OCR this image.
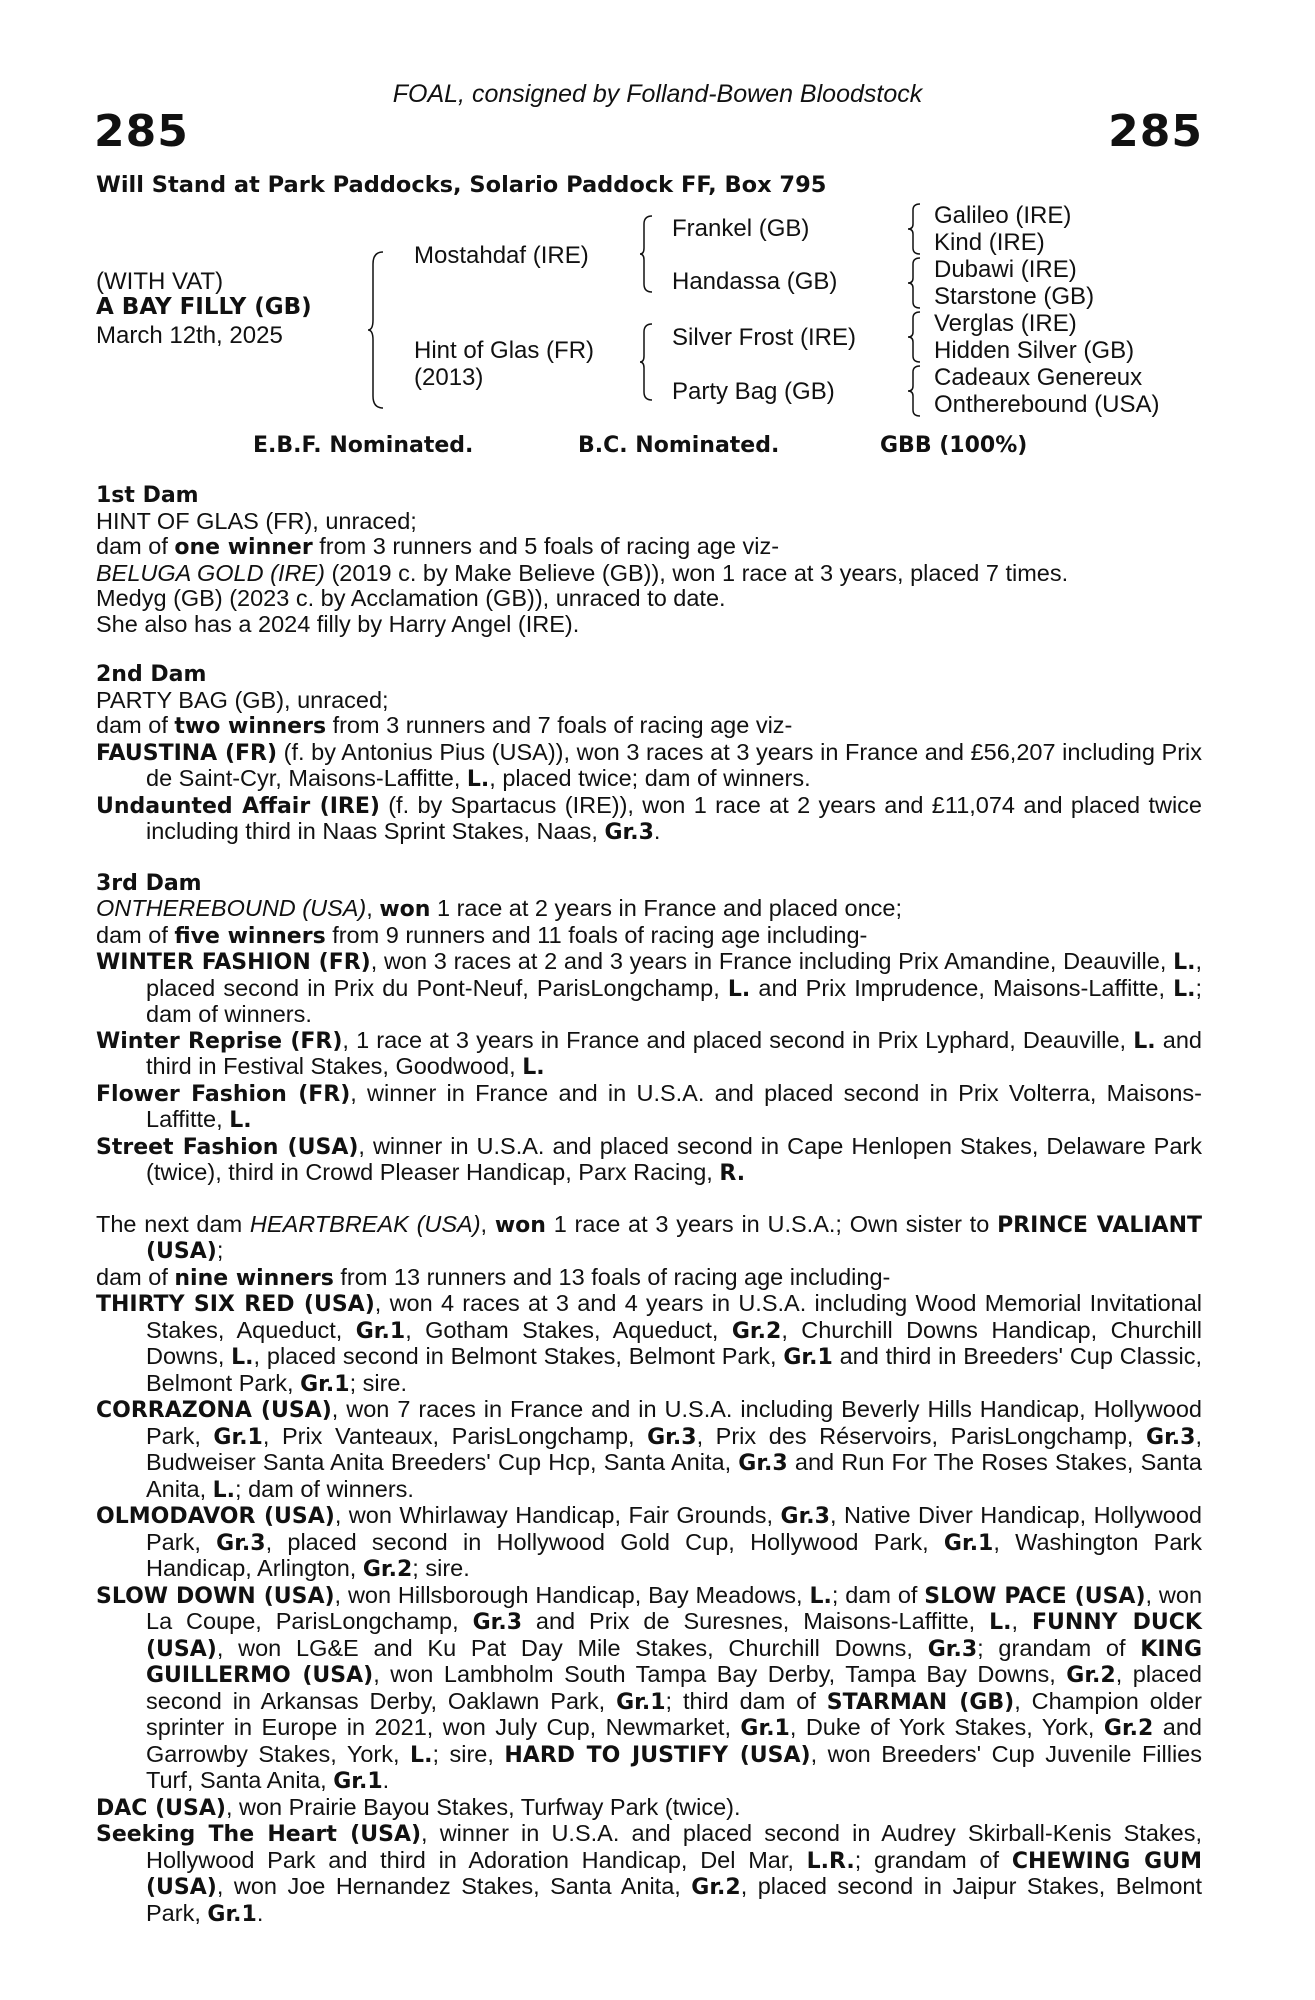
FOAL, consigned by Folland-Bowen Bloodstock
285	285
Will Stand at Park Paddocks, Solario Paddock FF, Box 795
(WITH VAT)
A BAY FILLY (GB)
March 12th, 2025
Mostahdaf (IRE)
Hint of Glas (FR)
(2013)
Frankel (GB)
Handassa (GB)
Silver Frost (IRE)
Party Bag (GB)
Galileo (IRE)
Kind (IRE)
Dubawi (IRE)
Starstone (GB)
Verglas (IRE)
Hidden Silver (GB)
Cadeaux Genereux
Ontherebound (USA)
E.B.F. Nominated.	B.C. Nominated.	GBB (100%)

1st Dam

HINT OF GLAS (FR), unraced;

dam of one winner from 3 runners and 5 foals of racing age viz-

BELUGA GOLD (IRE) (2019 c. by Make Believe (GB)), won 1 race at 3 years, placed 7 times.

Medyg (GB) (2023 c. by Acclamation (GB)), unraced to date.

She also has a 2024 filly by Harry Angel (IRE).

2nd Dam

PARTY BAG (GB), unraced;

dam of two winners from 3 runners and 7 foals of racing age viz-

FAUSTINA (FR) (f. by Antonius Pius (USA)), won 3 races at 3 years in France and £56,207 including Prix de Saint-Cyr, Maisons-Laffitte, L., placed twice; dam of winners.

Undaunted Affair (IRE) (f. by Spartacus (IRE)), won 1 race at 2 years and £11,074 and placed twice including third in Naas Sprint Stakes, Naas, Gr.3.

3rd Dam

ONTHEREBOUND (USA), won 1 race at 2 years in France and placed once;

dam of five winners from 9 runners and 11 foals of racing age including-

WINTER FASHION (FR), won 3 races at 2 and 3 years in France including Prix Amandine, Deauville, L., placed second in Prix du Pont-Neuf, ParisLongchamp, L. and Prix Imprudence, Maisons-Laffitte, L.; dam of winners.

Winter Reprise (FR), 1 race at 3 years in France and placed second in Prix Lyphard, Deauville, L. and third in Festival Stakes, Goodwood, L.

Flower Fashion (FR), winner in France and in U.S.A. and placed second in Prix Volterra, Maisons-Laffitte, L.

Street Fashion (USA), winner in U.S.A. and placed second in Cape Henlopen Stakes, Delaware Park (twice), third in Crowd Pleaser Handicap, Parx Racing, R.

The next dam HEARTBREAK (USA), won 1 race at 3 years in U.S.A.; Own sister to PRINCE VALIANT (USA);

dam of nine winners from 13 runners and 13 foals of racing age including-

THIRTY SIX RED (USA), won 4 races at 3 and 4 years in U.S.A. including Wood Memorial Invitational Stakes, Aqueduct, Gr.1, Gotham Stakes, Aqueduct, Gr.2, Churchill Downs Handicap, Churchill Downs, L., placed second in Belmont Stakes, Belmont Park, Gr.1 and third in Breeders' Cup Classic, Belmont Park, Gr.1; sire.

CORRAZONA (USA), won 7 races in France and in U.S.A. including Beverly Hills Handicap, Hollywood Park, Gr.1, Prix Vanteaux, ParisLongchamp, Gr.3, Prix des Réservoirs, ParisLongchamp, Gr.3, Budweiser Santa Anita Breeders' Cup Hcp, Santa Anita, Gr.3 and Run For The Roses Stakes, Santa Anita, L.; dam of winners.

OLMODAVOR (USA), won Whirlaway Handicap, Fair Grounds, Gr.3, Native Diver Handicap, Hollywood Park, Gr.3, placed second in Hollywood Gold Cup, Hollywood Park, Gr.1, Washington Park Handicap, Arlington, Gr.2; sire.

SLOW DOWN (USA), won Hillsborough Handicap, Bay Meadows, L.; dam of SLOW PACE (USA), won La Coupe, ParisLongchamp, Gr.3 and Prix de Suresnes, Maisons-Laffitte, L., FUNNY DUCK (USA), won LG&E and Ku Pat Day Mile Stakes, Churchill Downs, Gr.3; grandam of KING GUILLERMO (USA), won Lambholm South Tampa Bay Derby, Tampa Bay Downs, Gr.2, placed second in Arkansas Derby, Oaklawn Park, Gr.1; third dam of STARMAN (GB), Champion older sprinter in Europe in 2021, won July Cup, Newmarket, Gr.1, Duke of York Stakes, York, Gr.2 and Garrowby Stakes, York, L.; sire, HARD TO JUSTIFY (USA), won Breeders' Cup Juvenile Fillies Turf, Santa Anita, Gr.1.

DAC (USA), won Prairie Bayou Stakes, Turfway Park (twice).

Seeking The Heart (USA), winner in U.S.A. and placed second in Audrey Skirball-Kenis Stakes, Hollywood Park and third in Adoration Handicap, Del Mar, L.R.; grandam of CHEWING GUM (USA), won Joe Hernandez Stakes, Santa Anita, Gr.2, placed second in Jaipur Stakes, Belmont Park, Gr.1.
